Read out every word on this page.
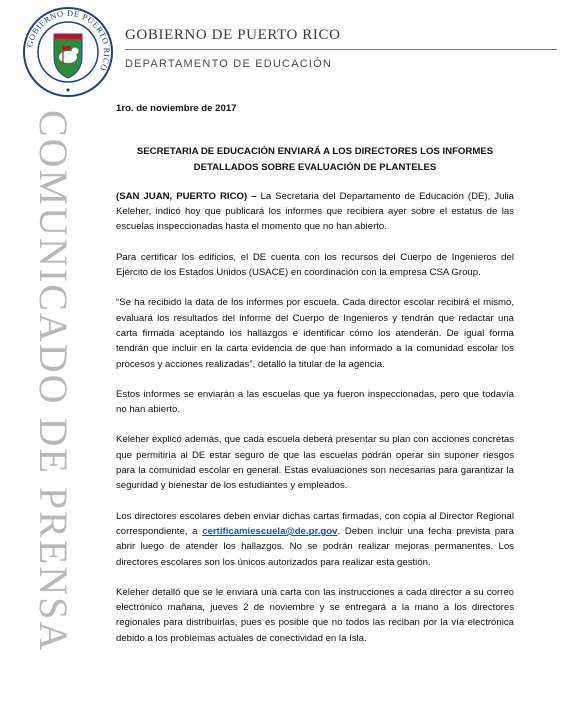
GOBIERNO DE PUERTO RICO
GOBIERNO DE PUERTO RICO
DEPARTAMENTO DE EDUCACIÓN
COMUNICADO DE PRENSA
1ro. de noviembre de 2017
SECRETARIA DE EDUCACIÓN ENVIARÁ A LOS DIRECTORES LOS INFORMES DETALLADOS SOBRE EVALUACIÓN DE PLANTELES

(SAN JUAN, PUERTO RICO) – La Secretaria del Departamento de Educación (DE), Julia Keleher, indicó hoy que publicará los informes que recibiera ayer sobre el estatus de las escuelas inspeccionadas hasta el momento que no han abierto.

Para certificar los edificios, el DE cuenta con los recursos del Cuerpo de Ingenieros del Ejército de los Estados Unidos (USACE) en coordinación con la empresa CSA Group.

“Se ha recibido la data de los informes por escuela. Cada director escolar recibirá el mismo, evaluará los resultados del informe del Cuerpo de Ingenieros y tendrán que redactar una carta firmada aceptando los hallazgos e identificar cómo los atenderán. De igual forma tendrán que incluir en la carta evidencia de que han informado a la comunidad escolar los procesos y acciones realizadas”, detalló la titular de la agencia.

Estos informes se enviarán a las escuelas que ya fueron inspeccionadas, pero que todavía no han abierto.

Keleher explicó además, que cada escuela deberá presentar su plan con acciones concretas que permitiría al DE estar seguro de que las escuelas podrán operar sin suponer riesgos para la comunidad escolar en general. Estas evaluaciones son necesarias para garantizar la seguridad y bienestar de los estudiantes y empleados.

Los directores escolares deben enviar dichas cartas firmadas, con copia al Director Regional correspondiente, a certificamiescuela@de.pr.gov. Deben incluir una fecha prevista para abrir luego de atender los hallazgos. No se podrán realizar mejoras permanentes. Los directores escolares son los únicos autorizados para realizar esta gestión.

Keleher detalló que se le enviará una carta con las instrucciones a cada director a su correo electrónico mañana, jueves 2 de noviembre y se entregará a la mano a los directores regionales para distribuirlas, pues es posible que no todos las reciban por la vía electrónica debido a los problemas actuales de conectividad en la Isla.
